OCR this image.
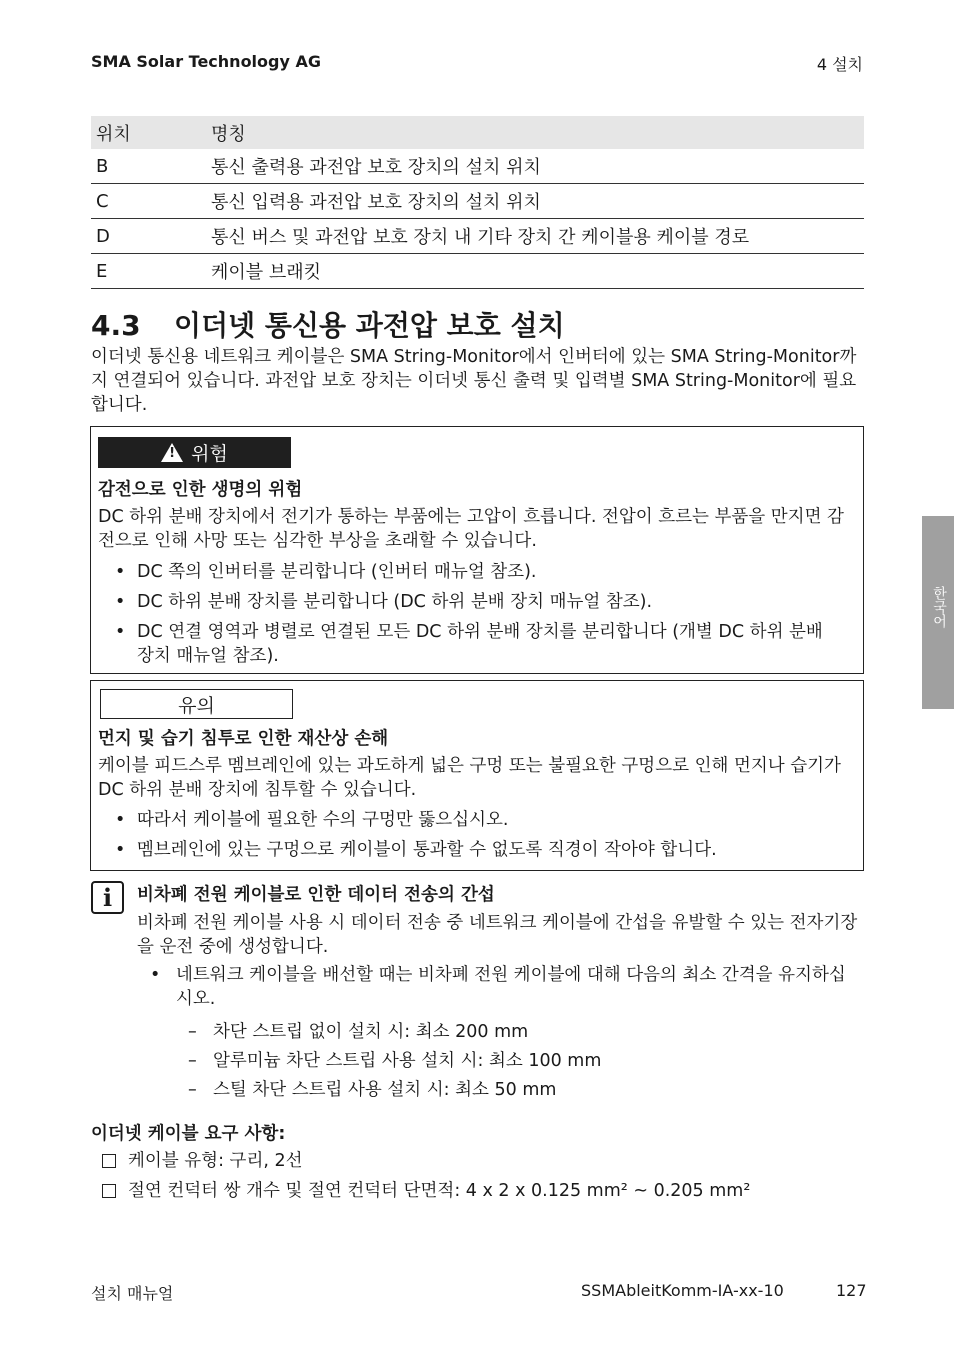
SMA Solar Technology AG	4 설치
위치	명칭
B	통신 출력용 과전압 보호 장치의 설치 위치
C	통신 입력용 과전압 보호 장치의 설치 위치
D	통신 버스 및 과전압 보호 장치 내 기타 장치 간 케이블용 케이블 경로
E	케이블 브래킷
4.3 이더넷 통신용 과전압 보호 설치
이더넷 통신용 네트워크 케이블은 SMA String-Monitor에서 인버터에 있는 SMA String-Monitor까지 연결되어 있습니다. 과전압 보호 장치는 이더넷 통신 출력 및 입력별 SMA String-Monitor에 필요합니다.
!
위험
감전으로 인한 생명의 위험
DC 하위 분배 장치에서 전기가 통하는 부품에는 고압이 흐릅니다. 전압이 흐르는 부품을 만지면 감전으로 인해 사망 또는 심각한 부상을 초래할 수 있습니다.
• DC 쪽의 인버터를 분리합니다 (인버터 매뉴얼 참조).
• DC 하위 분배 장치를 분리합니다 (DC 하위 분배 장치 매뉴얼 참조).
• DC 연결 영역과 병렬로 연결된 모든 DC 하위 분배 장치를 분리합니다 (개별 DC 하위 분배 장치 매뉴얼 참조).
유의
먼지 및 습기 침투로 인한 재산상 손해
케이블 피드스루 멤브레인에 있는 과도하게 넓은 구멍 또는 불필요한 구멍으로 인해 먼지나 습기가 DC 하위 분배 장치에 침투할 수 있습니다.
• 따라서 케이블에 필요한 수의 구멍만 뚫으십시오.
• 멤브레인에 있는 구멍으로 케이블이 통과할 수 없도록 직경이 작아야 합니다.
i	비차폐 전원 케이블로 인한 데이터 전송의 간섭
비차폐 전원 케이블 사용 시 데이터 전송 중 네트워크 케이블에 간섭을 유발할 수 있는 전자기장을 운전 중에 생성합니다.
• 네트워크 케이블을 배선할 때는 비차폐 전원 케이블에 대해 다음의 최소 간격을 유지하십시오.
– 차단 스트립 없이 설치 시: 최소 200 mm
– 알루미늄 차단 스트립 사용 설치 시: 최소 100 mm
– 스틸 차단 스트립 사용 설치 시: 최소 50 mm
이더넷 케이블 요구 사항:
케이블 유형: 구리, 2선
절연 컨덕터 쌍 개수 및 절연 컨덕터 단면적: 4 x 2 x 0.125 mm² ~ 0.205 mm²
한국어
설치 매뉴얼	SSMAbleitKomm-IA-xx-10	127
